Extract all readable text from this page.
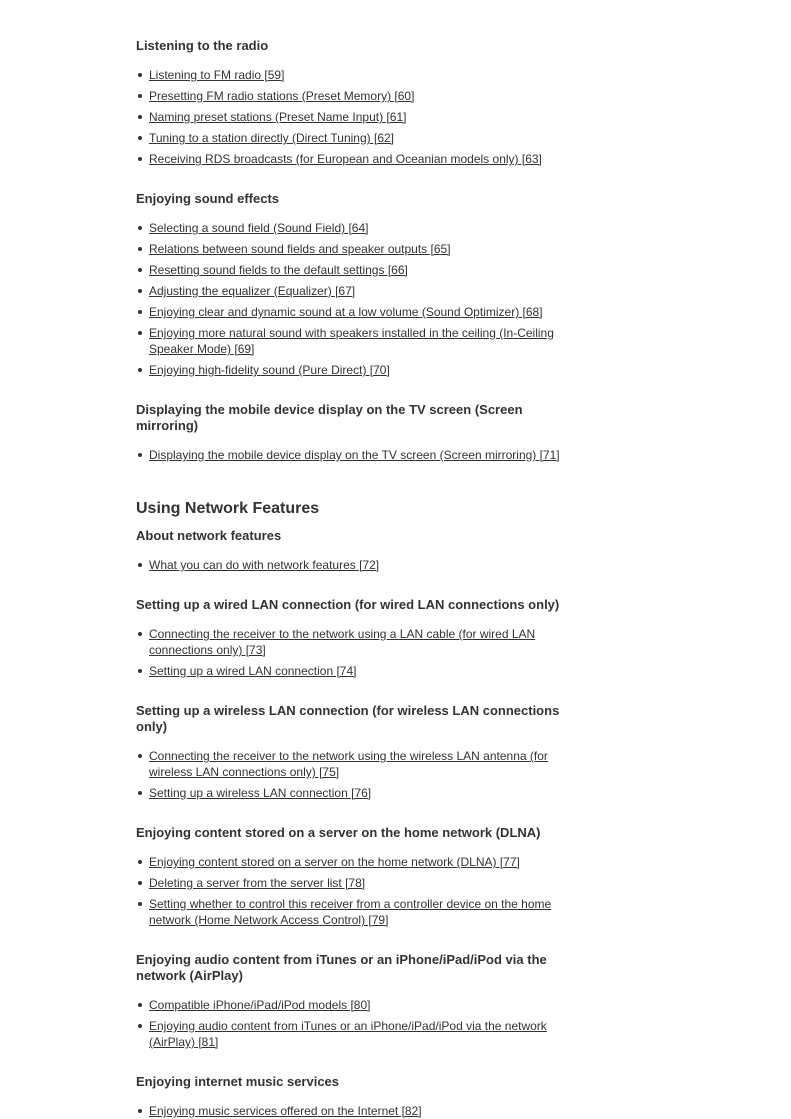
Listening to the radio
Listening to FM radio [59]
Presetting FM radio stations (Preset Memory) [60]
Naming preset stations (Preset Name Input) [61]
Tuning to a station directly (Direct Tuning) [62]
Receiving RDS broadcasts (for European and Oceanian models only) [63]
Enjoying sound effects
Selecting a sound field (Sound Field) [64]
Relations between sound fields and speaker outputs [65]
Resetting sound fields to the default settings [66]
Adjusting the equalizer (Equalizer) [67]
Enjoying clear and dynamic sound at a low volume (Sound Optimizer) [68]
Enjoying more natural sound with speakers installed in the ceiling (In-Ceiling Speaker Mode) [69]
Enjoying high-fidelity sound (Pure Direct) [70]
Displaying the mobile device display on the TV screen (Screen mirroring)
Displaying the mobile device display on the TV screen (Screen mirroring) [71]
Using Network Features
About network features
What you can do with network features [72]
Setting up a wired LAN connection (for wired LAN connections only)
Connecting the receiver to the network using a LAN cable (for wired LAN connections only) [73]
Setting up a wired LAN connection [74]
Setting up a wireless LAN connection (for wireless LAN connections only)
Connecting the receiver to the network using the wireless LAN antenna (for wireless LAN connections only) [75]
Setting up a wireless LAN connection [76]
Enjoying content stored on a server on the home network (DLNA)
Enjoying content stored on a server on the home network (DLNA) [77]
Deleting a server from the server list [78]
Setting whether to control this receiver from a controller device on the home network (Home Network Access Control) [79]
Enjoying audio content from iTunes or an iPhone/iPad/iPod via the network (AirPlay)
Compatible iPhone/iPad/iPod models [80]
Enjoying audio content from iTunes or an iPhone/iPad/iPod via the network (AirPlay) [81]
Enjoying internet music services
Enjoying music services offered on the Internet [82]
